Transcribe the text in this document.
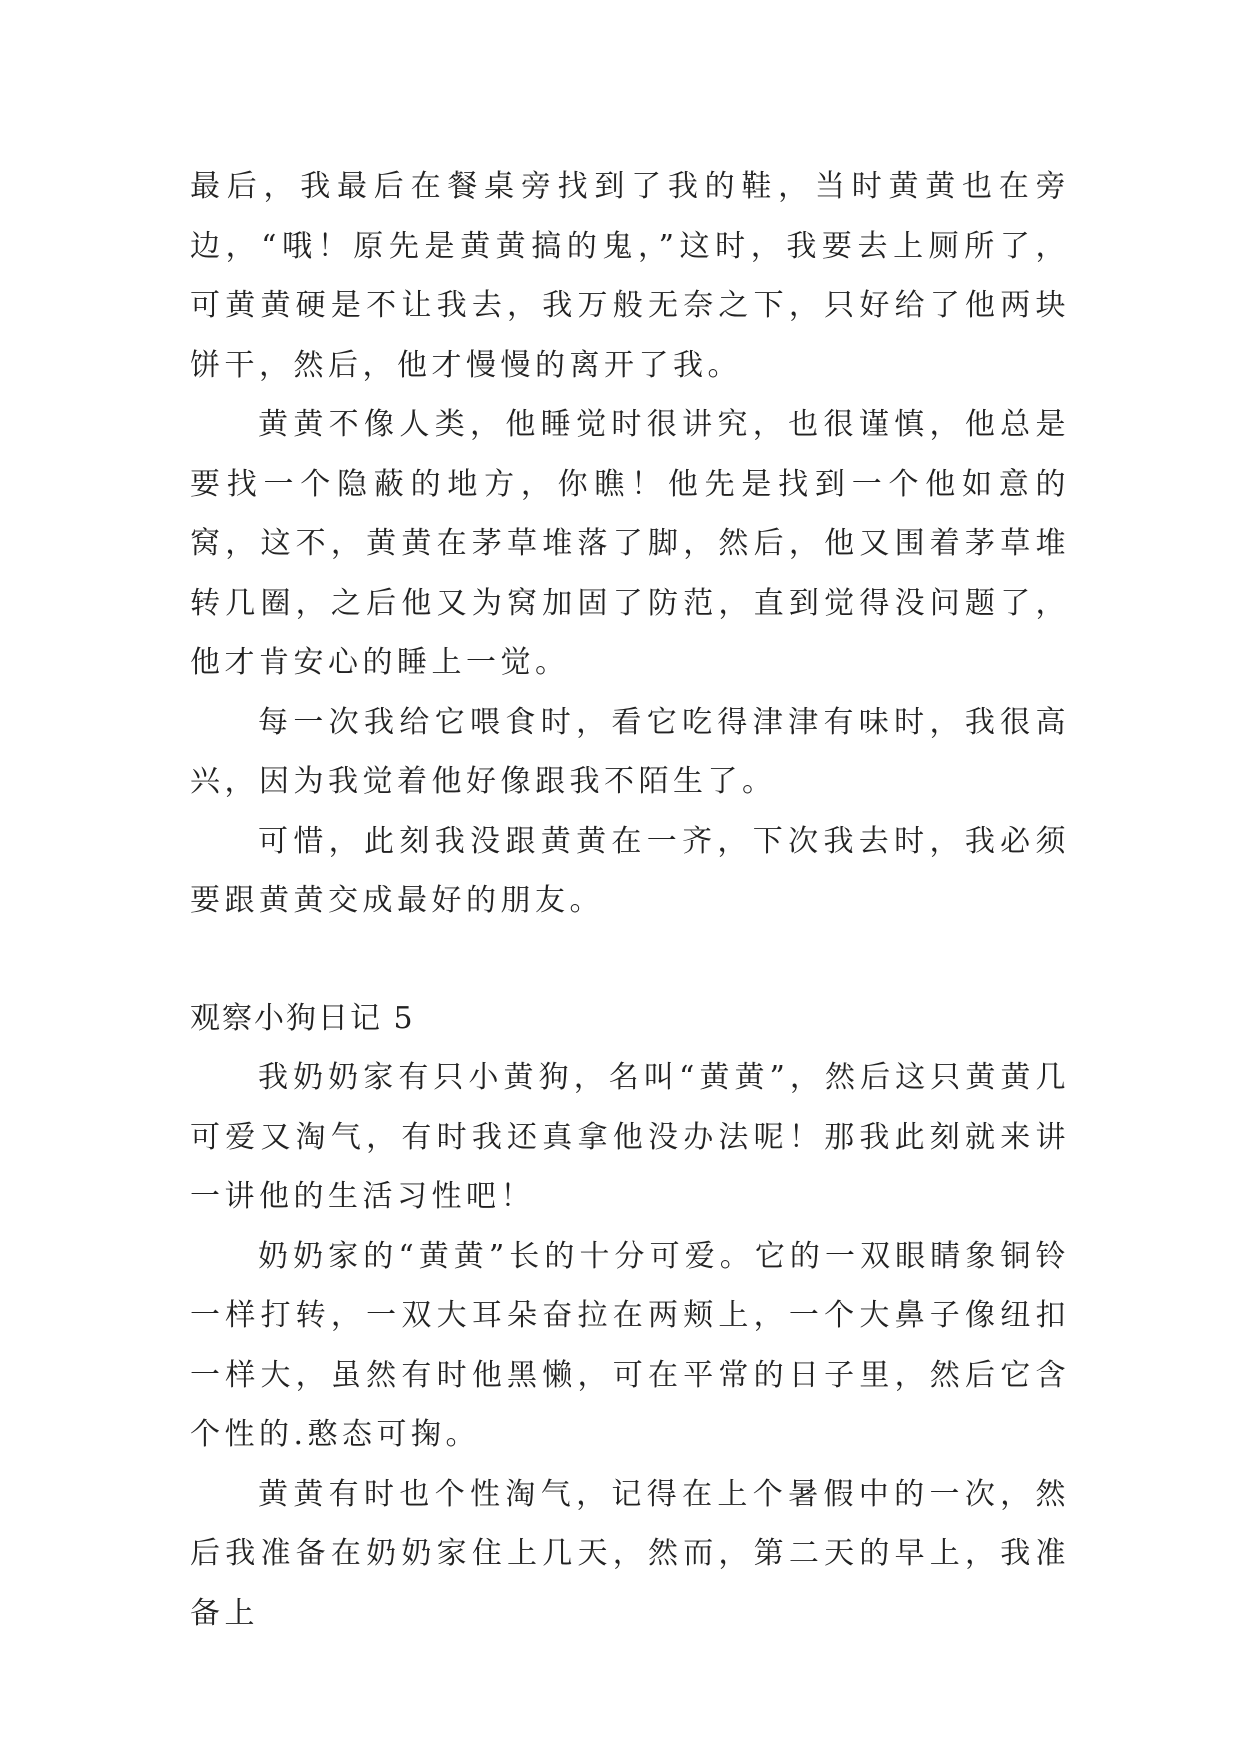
最后，我最后在餐桌旁找到了我的鞋，当时黄黄也在旁边，“哦！原先是黄黄搞的鬼，”这时，我要去上厕所了，可黄黄硬是不让我去，我万般无奈之下，只好给了他两块饼干，然后，他才慢慢的离开了我。

黄黄不像人类，他睡觉时很讲究，也很谨慎，他总是要找一个隐蔽的地方，你瞧！他先是找到一个他如意的窝，这不，黄黄在茅草堆落了脚，然后，他又围着茅草堆转几圈，之后他又为窝加固了防范，直到觉得没问题了，他才肯安心的睡上一觉。

每一次我给它喂食时，看它吃得津津有味时，我很高兴，因为我觉着他好像跟我不陌生了。

可惜，此刻我没跟黄黄在一齐，下次我去时，我必须要跟黄黄交成最好的朋友。

观察小狗日记 5

我奶奶家有只小黄狗，名叫“黄黄”，然后这只黄黄几可爱又淘气，有时我还真拿他没办法呢！那我此刻就来讲一讲他的生活习性吧！

奶奶家的“黄黄”长的十分可爱。它的一双眼睛象铜铃一样打转，一双大耳朵奋拉在两颊上，一个大鼻子像纽扣一样大，虽然有时他黑懒，可在平常的日子里，然后它含个性的.憨态可掬。

黄黄有时也个性淘气，记得在上个暑假中的一次，然后我准备在奶奶家住上几天，然而，第二天的早上，我准备上
